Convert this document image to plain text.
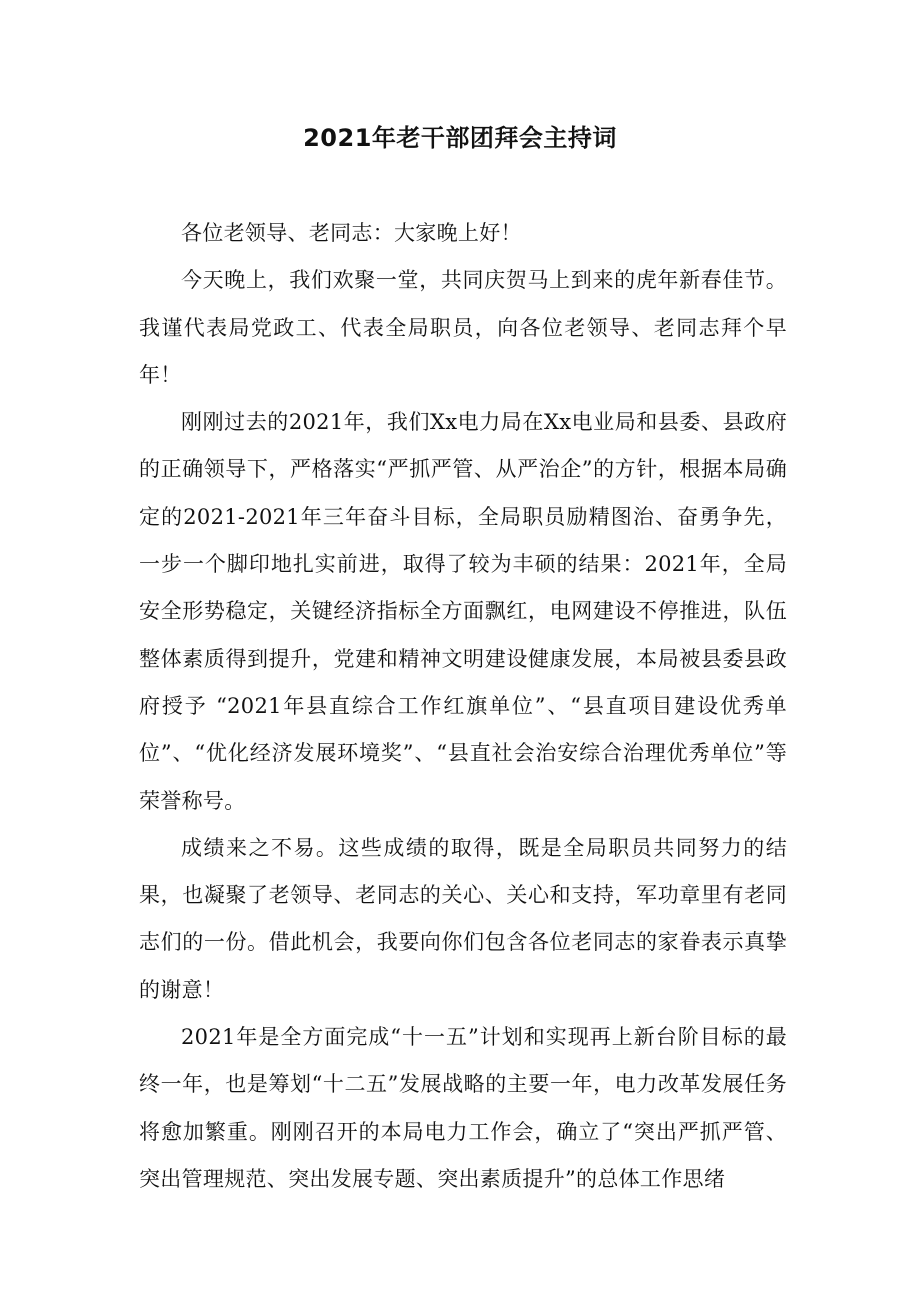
2021年老干部团拜会主持词

各位老领导、老同志：大家晚上好！

今天晚上，我们欢聚一堂，共同庆贺马上到来的虎年新春佳节。我谨代表局党政工、代表全局职员，向各位老领导、老同志拜个早年！

刚刚过去的2021年，我们Xx电力局在Xx电业局和县委、县政府的正确领导下，严格落实“严抓严管、从严治企”的方针，根据本局确定的2021-2021年三年奋斗目标，全局职员励精图治、奋勇争先，一步一个脚印地扎实前进，取得了较为丰硕的结果：2021年，全局安全形势稳定，关键经济指标全方面飘红，电网建设不停推进，队伍整体素质得到提升，党建和精神文明建设健康发展，本局被县委县政府授予 “2021年县直综合工作红旗单位”、“县直项目建设优秀单位”、“优化经济发展环境奖”、“县直社会治安综合治理优秀单位”等荣誉称号。

成绩来之不易。这些成绩的取得，既是全局职员共同努力的结果，也凝聚了老领导、老同志的关心、关心和支持，军功章里有老同志们的一份。借此机会，我要向你们包含各位老同志的家眷表示真挚的谢意！

2021年是全方面完成“十一五”计划和实现再上新台阶目标的最终一年，也是筹划“十二五”发展战略的主要一年，电力改革发展任务将愈加繁重。刚刚召开的本局电力工作会，确立了“突出严抓严管、突出管理规范、突出发展专题、突出素质提升”的总体工作思绪
